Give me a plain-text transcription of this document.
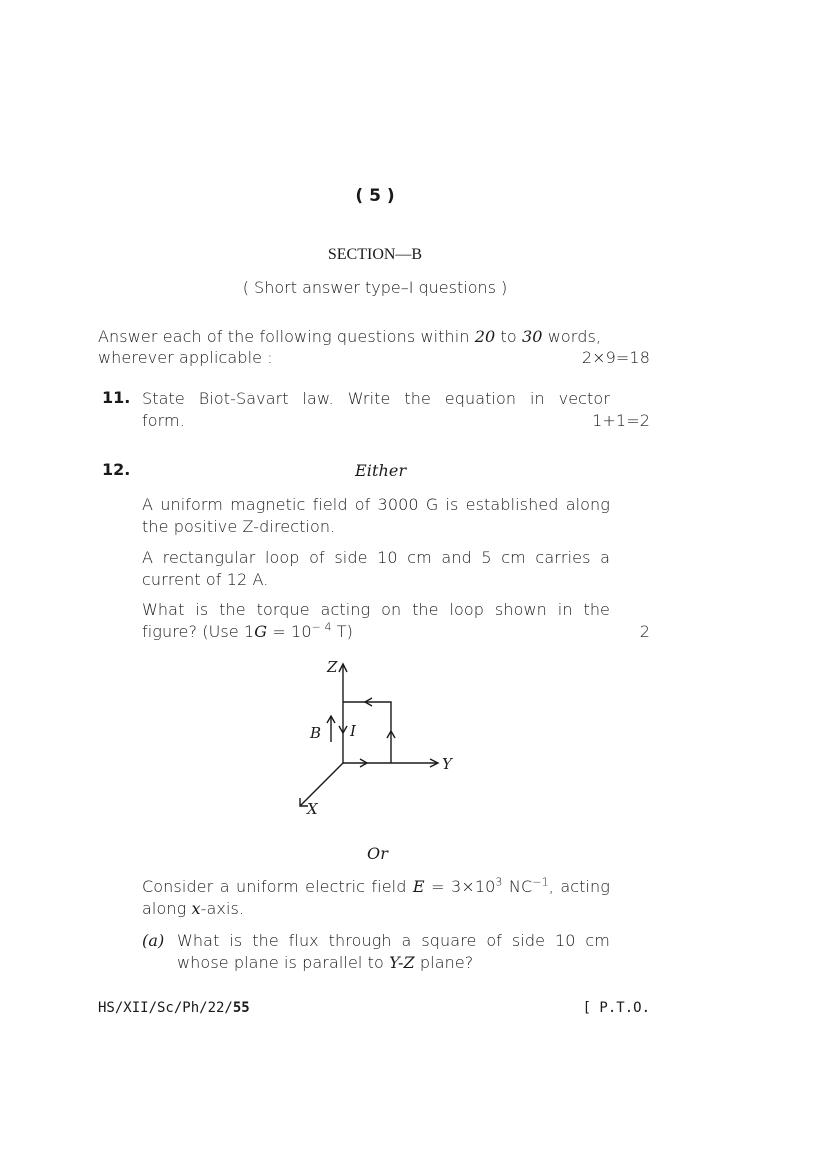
( 5 )
SECTION—B
( Short answer type–I questions )
Answer each of the following questions within 20 to 30 words,
wherever applicable :	2×9=18
11. State Biot-Savart law. Write the equation in vector
form.	1+1=2
12.	Either
A uniform magnetic field of 3000 G is established along
the positive Z-direction.
A rectangular loop of side 10 cm and 5 cm carries a
current of 12 A.
What is the torque acting on the loop shown in the
figure? (Use $1G = 10^{- 4}$ T)	2
Z
Y
X
I
B
Or
Consider a uniform electric field $E = 3\times 10^3$ $NC^{-1}$, acting
along x-axis.
(a) What is the flux through a square of side 10 cm
whose plane is parallel to Y-Z plane?
HS/XII/Sc/Ph/22/55	[ P.T.O.
